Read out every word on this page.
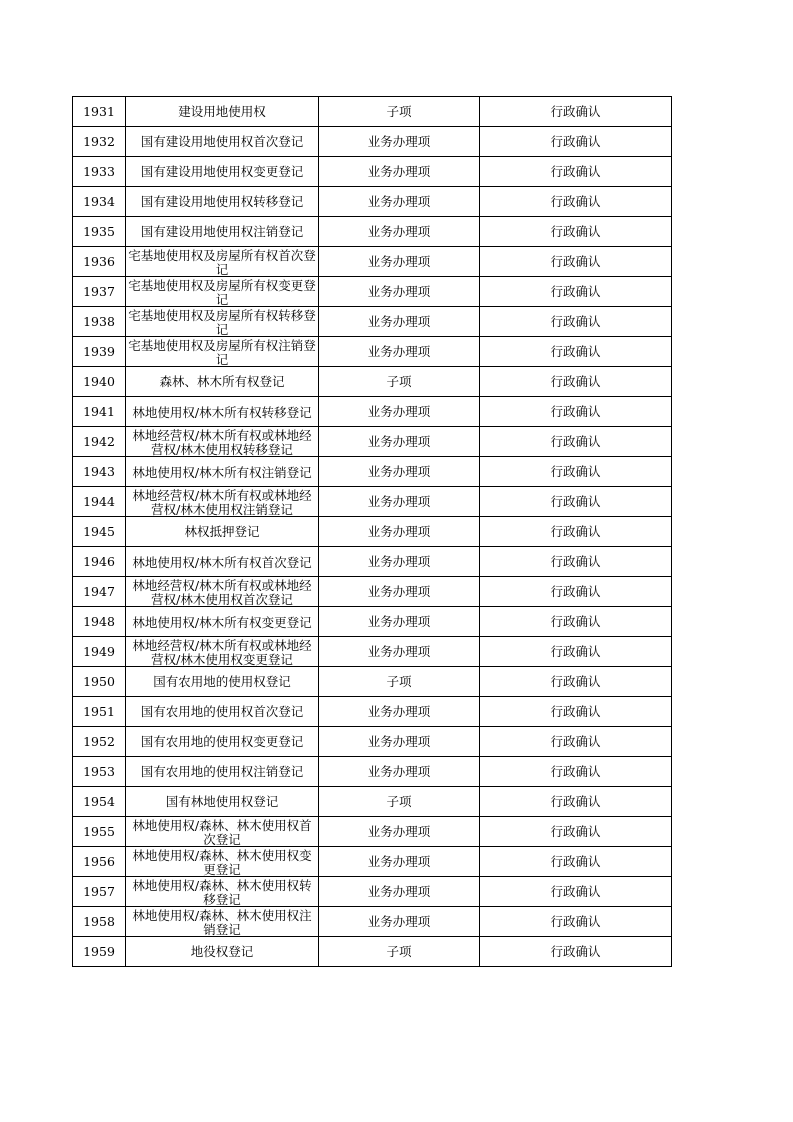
1931	建设用地使用权	子项	行政确认

1932	国有建设用地使用权首次登记	业务办理项	行政确认

1933	国有建设用地使用权变更登记	业务办理项	行政确认

1934	国有建设用地使用权转移登记	业务办理项	行政确认

1935	国有建设用地使用权注销登记	业务办理项	行政确认

1936	宅基地使用权及房屋所有权首次登记	业务办理项	行政确认

1937	宅基地使用权及房屋所有权变更登记	业务办理项	行政确认

1938	宅基地使用权及房屋所有权转移登记	业务办理项	行政确认

1939	宅基地使用权及房屋所有权注销登记	业务办理项	行政确认

1940	森林、林木所有权登记	子项	行政确认

1941	林地使用权/林木所有权转移登记	业务办理项	行政确认

1942	林地经营权/林木所有权或林地经营权/林木使用权转移登记	业务办理项	行政确认

1943	林地使用权/林木所有权注销登记	业务办理项	行政确认

1944	林地经营权/林木所有权或林地经营权/林木使用权注销登记	业务办理项	行政确认

1945	林权抵押登记	业务办理项	行政确认

1946	林地使用权/林木所有权首次登记	业务办理项	行政确认

1947	林地经营权/林木所有权或林地经营权/林木使用权首次登记	业务办理项	行政确认

1948	林地使用权/林木所有权变更登记	业务办理项	行政确认

1949	林地经营权/林木所有权或林地经营权/林木使用权变更登记	业务办理项	行政确认

1950	国有农用地的使用权登记	子项	行政确认

1951	国有农用地的使用权首次登记	业务办理项	行政确认

1952	国有农用地的使用权变更登记	业务办理项	行政确认

1953	国有农用地的使用权注销登记	业务办理项	行政确认

1954	国有林地使用权登记	子项	行政确认

1955	林地使用权/森林、林木使用权首次登记	业务办理项	行政确认

1956	林地使用权/森林、林木使用权变更登记	业务办理项	行政确认

1957	林地使用权/森林、林木使用权转移登记	业务办理项	行政确认

1958	林地使用权/森林、林木使用权注销登记	业务办理项	行政确认

1959	地役权登记	子项	行政确认
